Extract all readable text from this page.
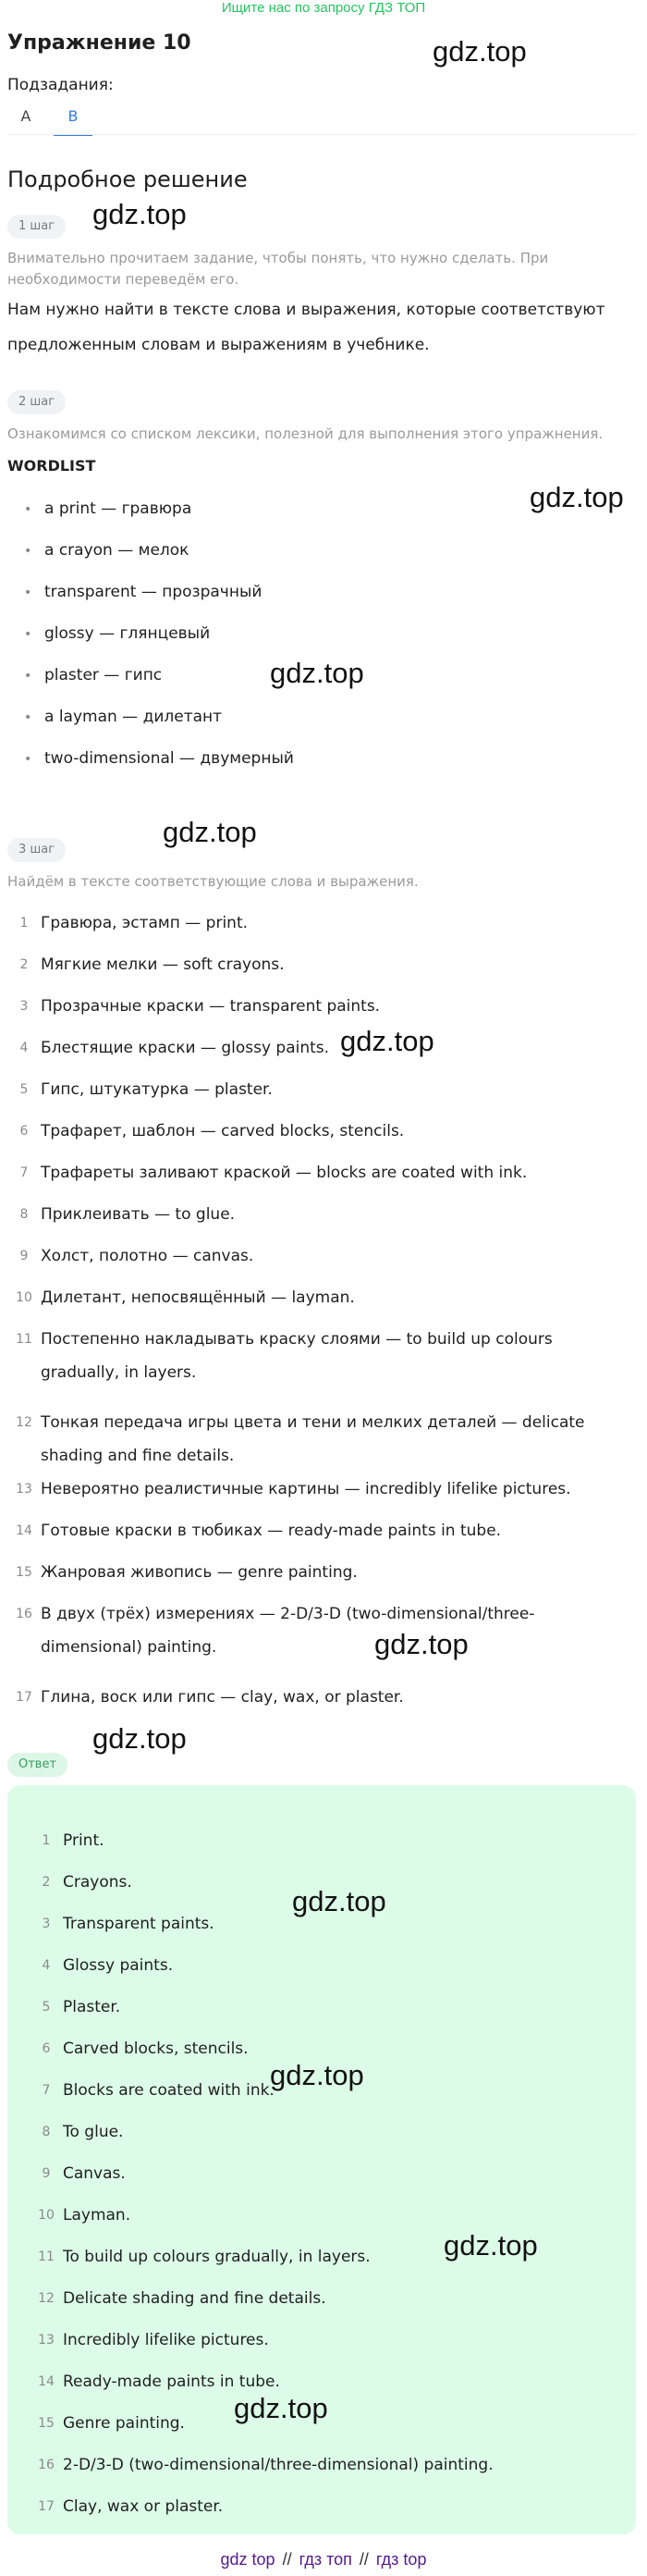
Ищите нас по запросу ГДЗ ТОП
Упражнение 10
Подзадания:
A	B
Подробное решение
1 шаг
Внимательно прочитаем задание, чтобы понять, что нужно сделать. При необходимости переведём его.
Нам нужно найти в тексте слова и выражения, которые соответствуют предложенным словам и выражениям в учебнике.
2 шаг
Ознакомимся со списком лексики, полезной для выполнения этого упражнения.
WORDLIST
• a print — гравюра
• a crayon — мелок
• transparent — прозрачный
• glossy — глянцевый
• plaster — гипс
• a layman — дилетант
• two-dimensional — двумерный
3 шаг
Найдём в тексте соответствующие слова и выражения.
1 Гравюра, эстамп — print.
2 Мягкие мелки — soft crayons.
3 Прозрачные краски — transparent paints.
4 Блестящие краски — glossy paints.
5 Гипс, штукатурка — plaster.
6 Трафарет, шаблон — carved blocks, stencils.
7 Трафареты заливают краской — blocks are coated with ink.
8 Приклеивать — to glue.
9 Холст, полотно — canvas.
10 Дилетант, непосвящённый — layman.
11 Постепенно накладывать краску слоями — to build up colours gradually, in layers.
12 Тонкая передача игры цвета и тени и мелких деталей — delicate shading and fine details.
13 Невероятно реалистичные картины — incredibly lifelike pictures.
14 Готовые краски в тюбиках — ready-made paints in tube.
15 Жанровая живопись — genre painting.
16 В двух (трёх) измерениях — 2-D/3-D (two-dimensional/three-dimensional) painting.
17 Глина, воск или гипс — clay, wax, or plaster.
Ответ
1 Print.
2 Crayons.
3 Transparent paints.
4 Glossy paints.
5 Plaster.
6 Carved blocks, stencils.
7 Blocks are coated with ink.
8 To glue.
9 Canvas.
10 Layman.
11 To build up colours gradually, in layers.
12 Delicate shading and fine details.
13 Incredibly lifelike pictures.
14 Ready-made paints in tube.
15 Genre painting.
16 2-D/3-D (two-dimensional/three-dimensional) painting.
17 Clay, wax or plaster.
gdz.top
gdz.top
gdz.top
gdz.top
gdz.top
gdz.top
gdz.top
gdz.top
gdz.top
gdz.top
gdz.top
gdz.top
gdz top // гдз топ // гдз top
